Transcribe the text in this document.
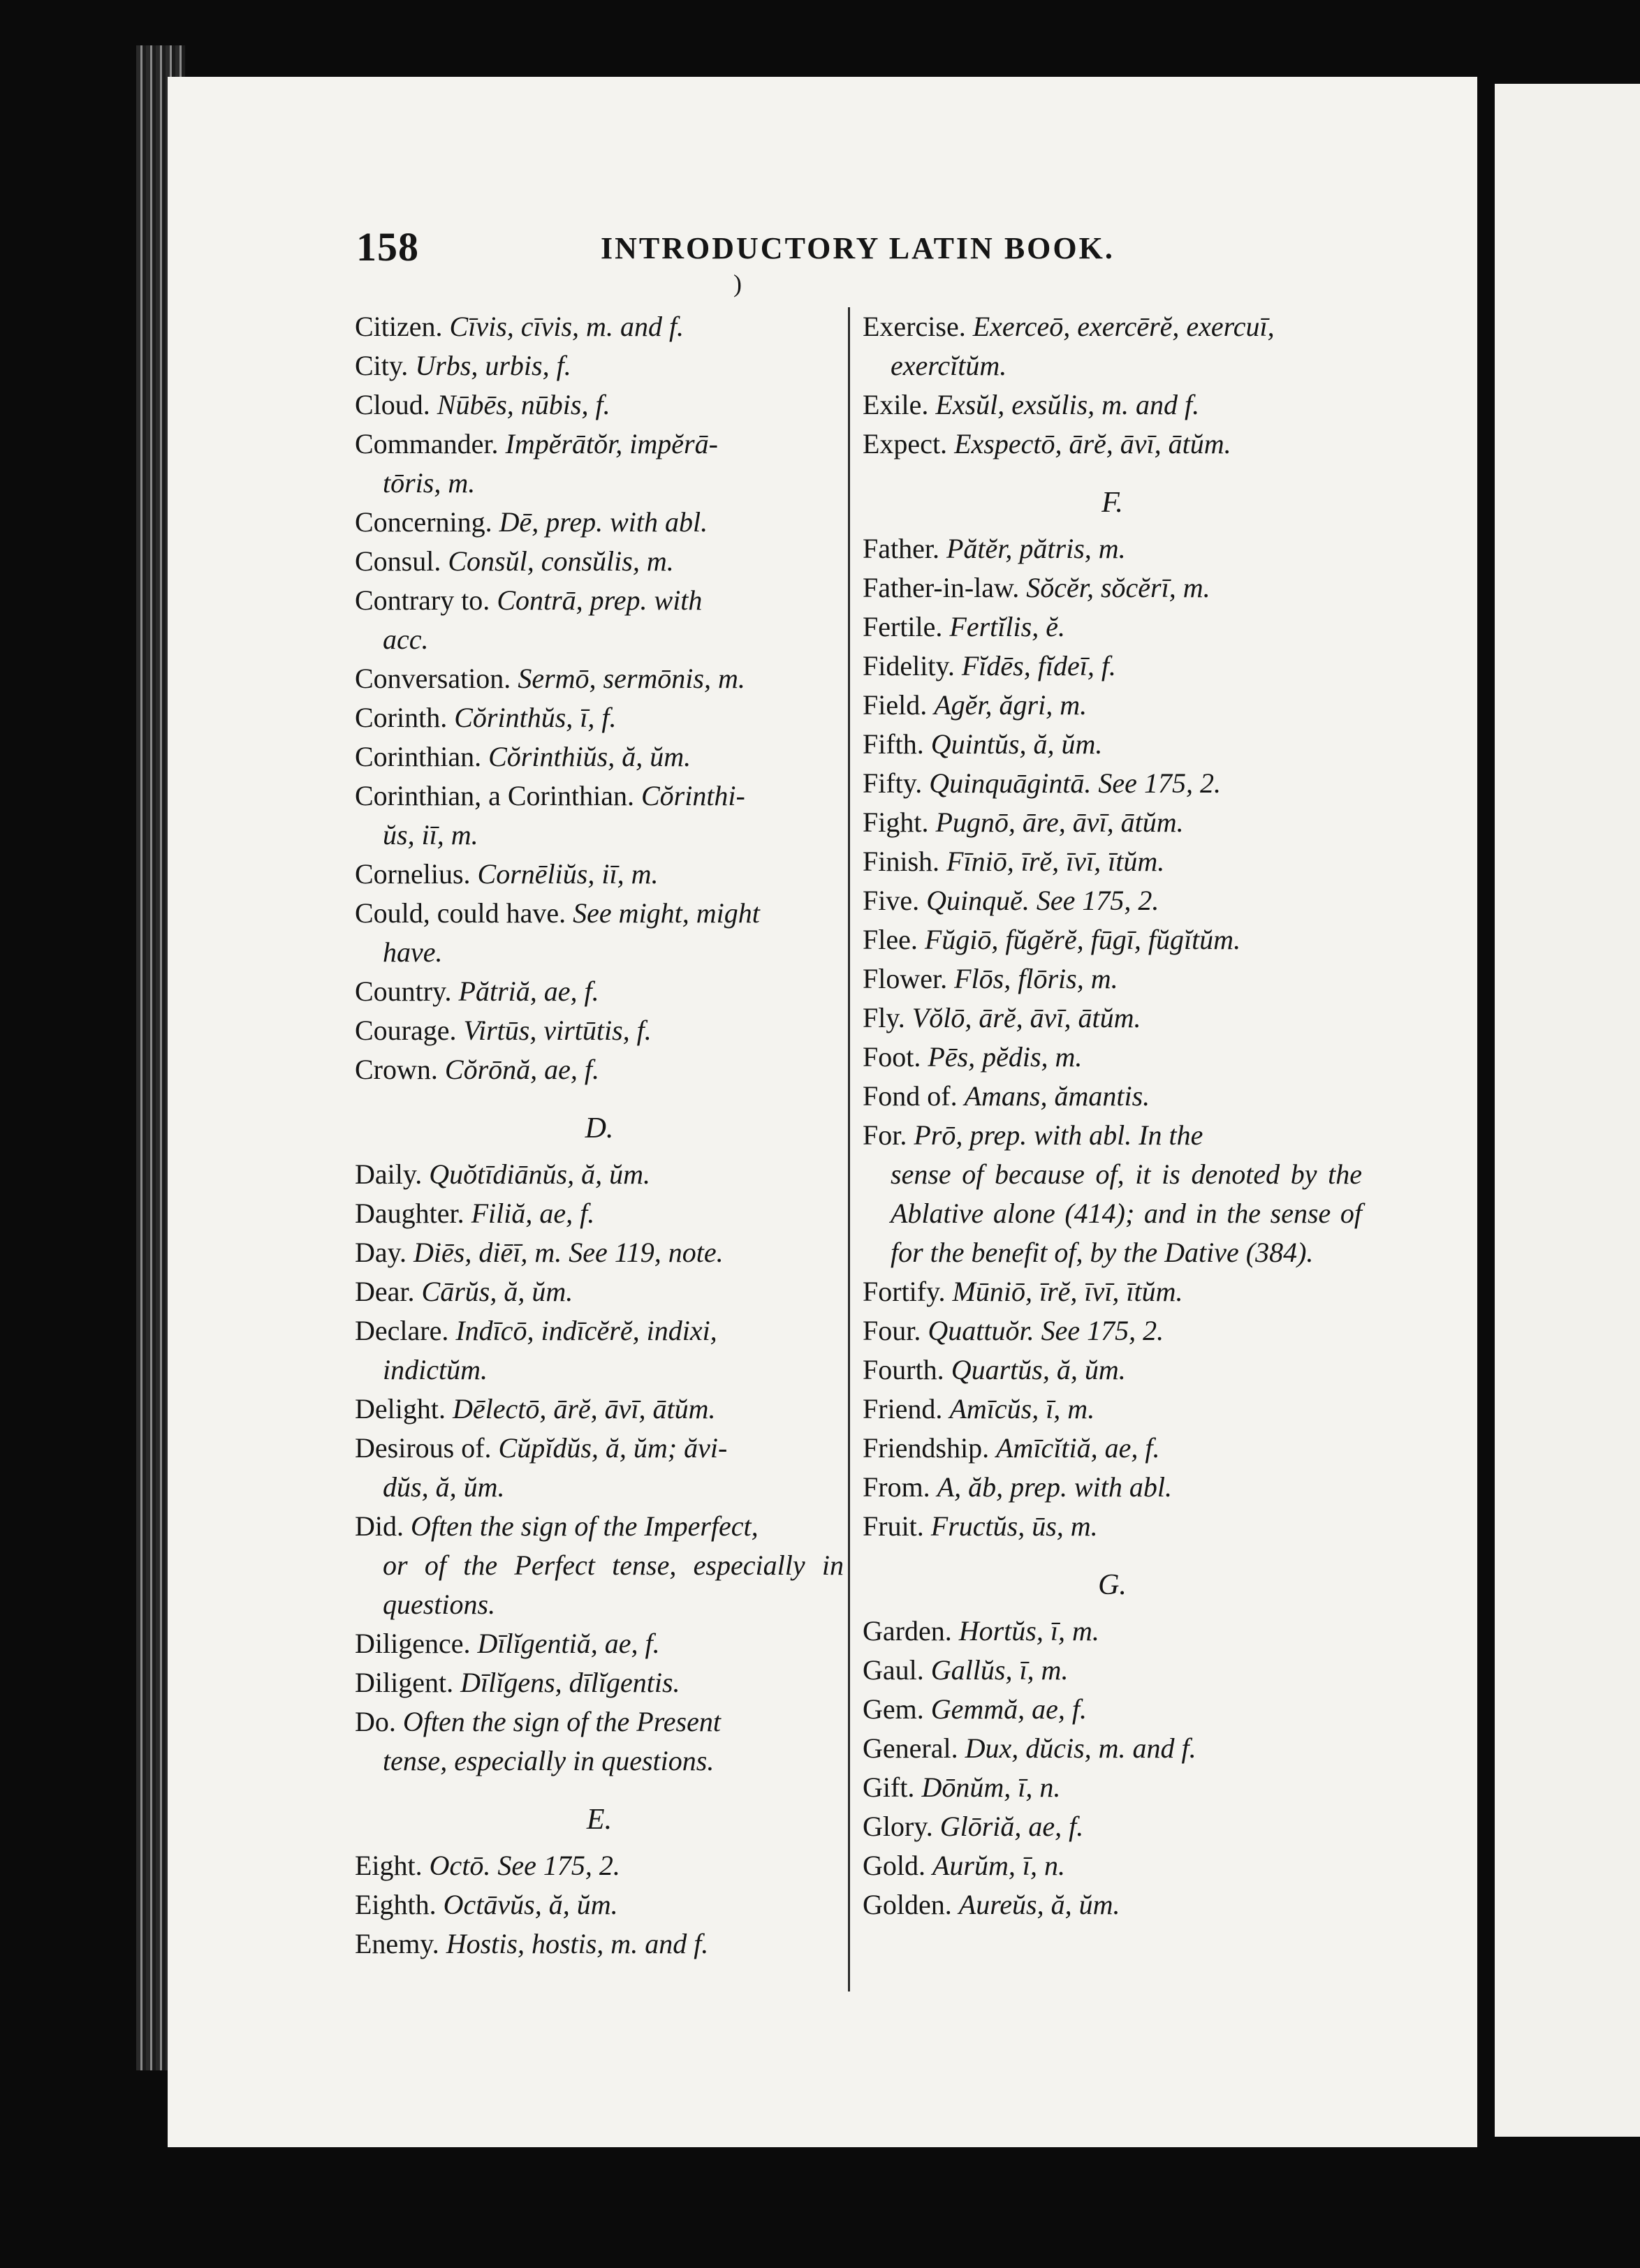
158	INTRODUCTORY LATIN BOOK.
)
Citizen. Cīvis, cīvis, m. and f.
City. Urbs, urbis, f.
Cloud. Nūbēs, nūbis, f.
Commander. Impĕrātŏr, impĕrā-
tōris, m.
Concerning. Dē, prep. with abl.
Consul. Consŭl, consŭlis, m.
Contrary to. Contrā, prep. with
acc.
Conversation. Sermō, sermōnis, m.
Corinth. Cŏrinthŭs, ī, f.
Corinthian. Cŏrinthiŭs, ă, ŭm.
Corinthian, a Corinthian. Cŏrinthi-
ŭs, iī, m.
Cornelius. Cornēliŭs, iī, m.
Could, could have. See might, might
have.
Country. Pătriă, ae, f.
Courage. Virtūs, virtūtis, f.
Crown. Cŏrōnă, ae, f.
D.
Daily. Quŏtīdiānŭs, ă, ŭm.
Daughter. Filiă, ae, f.
Day. Diēs, diēī, m. See 119, note.
Dear. Cārŭs, ă, ŭm.
Declare. Indīcō, indīcĕrĕ, indixi,
indictŭm.
Delight. Dēlectō, ārĕ, āvī, ātŭm.
Desirous of. Cŭpĭdŭs, ă, ŭm; ăvi-
dŭs, ă, ŭm.
Did. Often the sign of the Imperfect,
or of the Perfect tense, especially in questions.
Diligence. Dīlĭgentiă, ae, f.
Diligent. Dīlĭgens, dīlĭgentis.
Do. Often the sign of the Present
tense, especially in questions.
E.
Eight. Octō. See 175, 2.
Eighth. Octāvŭs, ă, ŭm.
Enemy. Hostis, hostis, m. and f.
Exercise. Exerceō, exercērĕ, exercuī,
exercĭtŭm.
Exile. Exsŭl, exsŭlis, m. and f.
Expect. Exspectō, ārĕ, āvī, ātŭm.
F.
Father. Pătĕr, pătris, m.
Father-in-law. Sŏcĕr, sŏcĕrī, m.
Fertile. Fertĭlis, ĕ.
Fidelity. Fĭdēs, fĭdeī, f.
Field. Agĕr, ăgri, m.
Fifth. Quintŭs, ă, ŭm.
Fifty. Quinquāgintā. See 175, 2.
Fight. Pugnō, āre, āvī, ātŭm.
Finish. Fīniō, īrĕ, īvī, ītŭm.
Five. Quinquĕ. See 175, 2.
Flee. Fŭgiō, fŭgĕrĕ, fūgī, fŭgĭtŭm.
Flower. Flōs, flōris, m.
Fly. Vŏlō, ārĕ, āvī, ātŭm.
Foot. Pēs, pĕdis, m.
Fond of. Amans, ămantis.
For. Prō, prep. with abl. In the
sense of because of, it is denoted by the Ablative alone (414); and in the sense of for the benefit of, by the Dative (384).
Fortify. Mūniō, īrĕ, īvī, ītŭm.
Four. Quattuŏr. See 175, 2.
Fourth. Quartŭs, ă, ŭm.
Friend. Amīcŭs, ī, m.
Friendship. Amīcĭtiă, ae, f.
From. A, ăb, prep. with abl.
Fruit. Fructŭs, ūs, m.
G.
Garden. Hortŭs, ī, m.
Gaul. Gallŭs, ī, m.
Gem. Gemmă, ae, f.
General. Dux, dŭcis, m. and f.
Gift. Dōnŭm, ī, n.
Glory. Glōriă, ae, f.
Gold. Aurŭm, ī, n.
Golden. Aureŭs, ă, ŭm.
